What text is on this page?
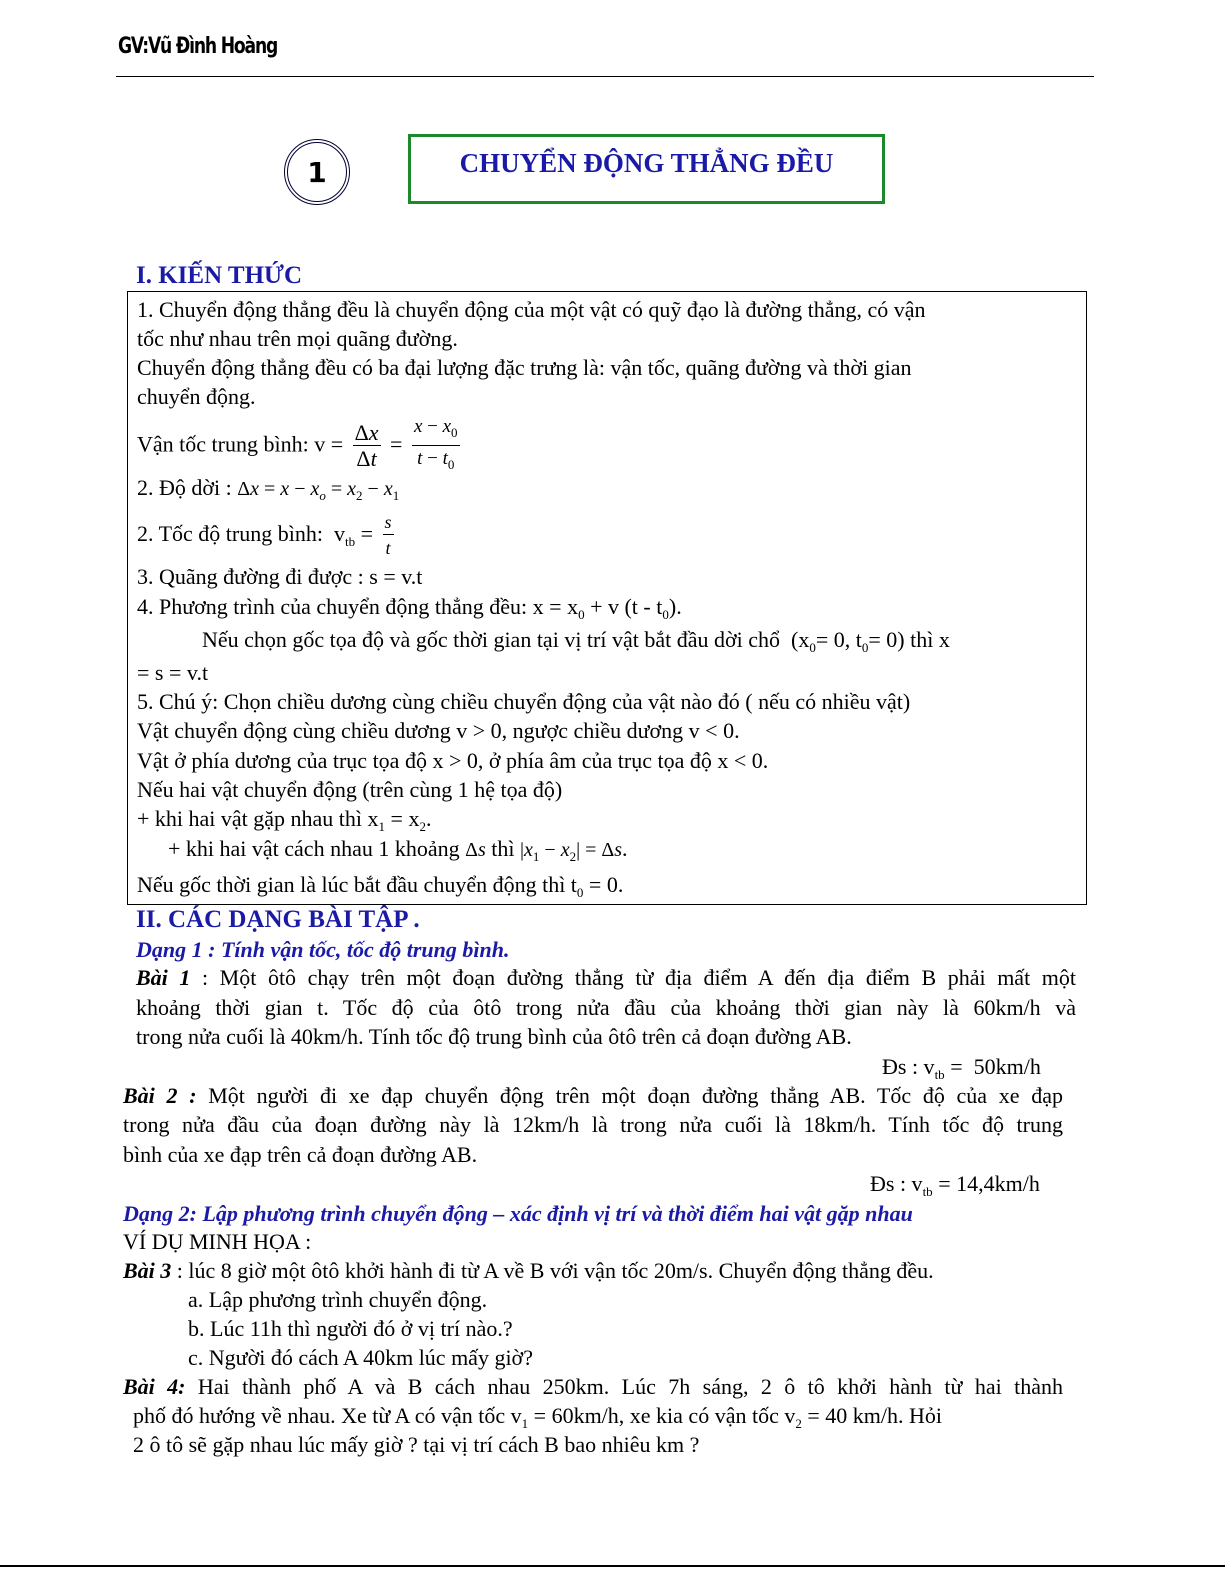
GV:Vũ Đình Hoàng
1	CHUYỂN ĐỘNG THẲNG ĐỀU
I. KIẾN THỨC
1. Chuyển động thẳng đều là chuyển động của một vật có quỹ đạo là đường thẳng, có vận
tốc như nhau trên mọi quãng đường.
Chuyển động thẳng đều có ba đại lượng đặc trưng là: vận tốc, quãng đường và thời gian
chuyển động.
Vận tốc trung bình: $v = \frac{\Delta x}{\Delta t} = \frac{x - x_0}{t - t_0}$
2. Độ dời : $\Delta x = x - x_o = x_2 - x_1$
2. Tốc độ trung bình:  $v_{tb} = \frac{s}{t}$
3. Quãng đường đi được : s = v.t
4. Phương trình của chuyển động thẳng đều: $x = x_0 + v$ $(t - t_0)$.
Nếu chọn gốc tọa độ và gốc thời gian tại vị trí vật bắt đầu dời chổ  ($x_0= 0$, $t_0= 0$) thì x
= s = v.t
5. Chú ý: Chọn chiều dương cùng chiều chuyển động của vật nào đó ( nếu có nhiều vật)
Vật chuyển động cùng chiều dương v > 0, ngược chiều dương v < 0.
Vật ở phía dương của trục tọa độ x > 0, ở phía âm của trục tọa độ x < 0.
Nếu hai vật chuyển động (trên cùng 1 hệ tọa độ)
+ khi hai vật gặp nhau thì $x_1 = x_2$.
+ khi hai vật cách nhau 1 khoảng Δs thì $|x_1 - x_2| = \Delta s$.
Nếu gốc thời gian là lúc bắt đầu chuyển động thì $t_0 = 0$.
II. CÁC DẠNG BÀI TẬP .
Dạng 1 : Tính vận tốc, tốc độ trung bình.
Bài 1 : Một ôtô chạy trên một đoạn đường thẳng từ địa điểm A đến địa điểm B phải mất một
khoảng thời gian t. Tốc độ của ôtô trong nửa đầu của khoảng thời gian này là 60km/h và
trong nửa cuối là 40km/h. Tính tốc độ trung bình của ôtô trên cả đoạn đường AB.
Đs : $v_{tb} = 50km/h$
Bài 2 : Một người đi xe đạp chuyển động trên một đoạn đường thẳng AB. Tốc độ của xe đạp
trong nửa đầu của đoạn đường này là 12km/h là trong nửa cuối là 18km/h. Tính tốc độ trung
bình của xe đạp trên cả đoạn đường AB.
Đs : $v_{tb} = 14,4km/h$
Dạng 2: Lập phương trình chuyển động – xác định vị trí và thời điểm hai vật gặp nhau
VÍ DỤ MINH HỌA :
Bài 3 : lúc 8 giờ một ôtô khởi hành đi từ A về B với vận tốc 20m/s. Chuyển động thẳng đều.
a. Lập phương trình chuyển động.
b. Lúc 11h thì người đó ở vị trí nào.?
c. Người đó cách A 40km lúc mấy giờ?
Bài 4: Hai thành phố A và B cách nhau 250km. Lúc 7h sáng, 2 ô tô khởi hành từ hai thành
phố đó hướng về nhau. Xe từ A có vận tốc $v_1 = 60km/h$, xe kia có vận tốc $v_2 = 40$ km/h. Hỏi
2 ô tô sẽ gặp nhau lúc mấy giờ ? tại vị trí cách B bao nhiêu km ?
